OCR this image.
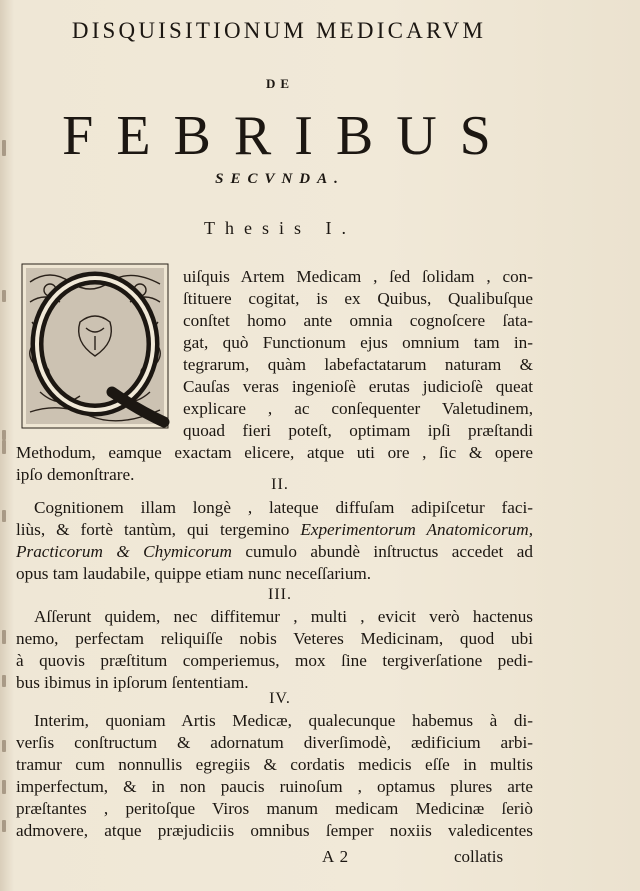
DISQUISITIONUM MEDICARVM
DE
FEBRIBUS
SECVNDA.
Thesis I.
uiſquis Artem Medicam , ſed ſolidam , con-
ſtituere cogitat, is ex Quibus, Qualibuſque
conſtet homo ante omnia cognoſcere ſata-
gat, quò Functionum ejus omnium tam in-
tegrarum, quàm labefactatarum naturam &
Cauſas veras ingenioſè erutas judicioſè queat
explicare , ac conſequenter Valetudinem,
quoad fieri poteſt, optimam ipſi præſtandi
Methodum, eamque exactam elicere, atque uti ore , ſic & opere
ipſo demonſtrare.
II.
Cognitionem illam longè , lateque diffuſam adipiſcetur faci-
liùs, & fortè tantùm, qui tergemino Experimentorum Anatomicorum,
Practicorum & Chymicorum cumulo abundè inſtructus accedet ad
opus tam laudabile, quippe etiam nunc neceſſarium.
III.
Aſſerunt quidem, nec diffitemur , multi , evicit verò hactenus
nemo, perfectam reliquiſſe nobis Veteres Medicinam, quod ubi
à quovis præſtitum comperiemus, mox ſine tergiverſatione pedi-
bus ibimus in ipſorum ſententiam.
IV.
Interim, quoniam Artis Medicæ, qualecunque habemus à di-
verſis conſtructum & adornatum diverſimodè, ædificium arbi-
tramur cum nonnullis egregiis & cordatis medicis eſſe in multis
imperfectum, & in non paucis ruinoſum , optamus plures arte
præſtantes , peritoſque Viros manum medicam Medicinæ ſeriò
admovere, atque præjudiciis omnibus ſemper noxiis valedicentes
A 2	collatis
